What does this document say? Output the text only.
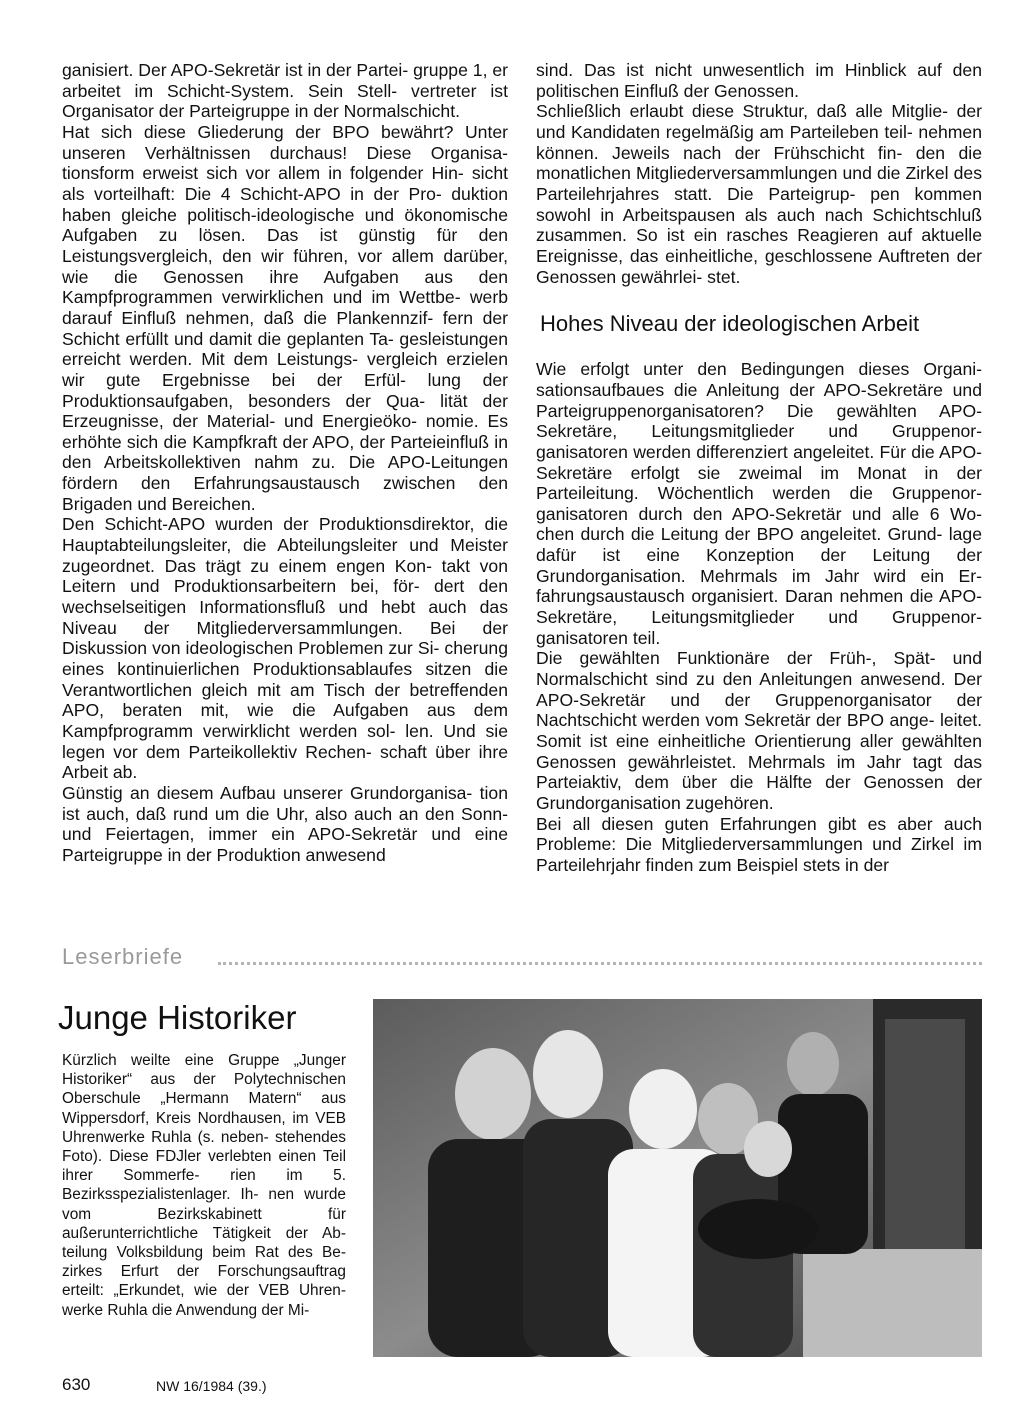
ganisiert. Der APO-Sekretär ist in der Partei- gruppe 1, er arbeitet im Schicht-System. Sein Stell- vertreter ist Organisator der Parteigruppe in der Normalschicht.

Hat sich diese Gliederung der BPO bewährt? Unter unseren Verhältnissen durchaus! Diese Organisa- tionsform erweist sich vor allem in folgender Hin- sicht als vorteilhaft: Die 4 Schicht-APO in der Pro- duktion haben gleiche politisch-ideologische und ökonomische Aufgaben zu lösen. Das ist günstig für den Leistungsvergleich, den wir führen, vor allem darüber, wie die Genossen ihre Aufgaben aus den Kampfprogrammen verwirklichen und im Wettbe- werb darauf Einfluß nehmen, daß die Plankennzif- fern der Schicht erfüllt und damit die geplanten Ta- gesleistungen erreicht werden. Mit dem Leistungs- vergleich erzielen wir gute Ergebnisse bei der Erfül- lung der Produktionsaufgaben, besonders der Qua- lität der Erzeugnisse, der Material- und Energieöko- nomie. Es erhöhte sich die Kampfkraft der APO, der Parteieinfluß in den Arbeitskollektiven nahm zu. Die APO-Leitungen fördern den Erfahrungsaustausch zwischen den Brigaden und Bereichen.

Den Schicht-APO wurden der Produktionsdirektor, die Hauptabteilungsleiter, die Abteilungsleiter und Meister zugeordnet. Das trägt zu einem engen Kon- takt von Leitern und Produktionsarbeitern bei, för- dert den wechselseitigen Informationsfluß und hebt auch das Niveau der Mitgliederversammlungen. Bei der Diskussion von ideologischen Problemen zur Si- cherung eines kontinuierlichen Produktionsablaufes sitzen die Verantwortlichen gleich mit am Tisch der betreffenden APO, beraten mit, wie die Aufgaben aus dem Kampfprogramm verwirklicht werden sol- len. Und sie legen vor dem Parteikollektiv Rechen- schaft über ihre Arbeit ab.

Günstig an diesem Aufbau unserer Grundorganisa- tion ist auch, daß rund um die Uhr, also auch an den Sonn- und Feiertagen, immer ein APO-Sekretär und eine Parteigruppe in der Produktion anwesend

sind. Das ist nicht unwesentlich im Hinblick auf den politischen Einfluß der Genossen.

Schließlich erlaubt diese Struktur, daß alle Mitglie- der und Kandidaten regelmäßig am Parteileben teil- nehmen können. Jeweils nach der Frühschicht fin- den die monatlichen Mitgliederversammlungen und die Zirkel des Parteilehrjahres statt. Die Parteigrup- pen kommen sowohl in Arbeitspausen als auch nach Schichtschluß zusammen. So ist ein rasches Reagieren auf aktuelle Ereignisse, das einheitliche, geschlossene Auftreten der Genossen gewährlei- stet.

Hohes Niveau der ideologischen Arbeit

Wie erfolgt unter den Bedingungen dieses Organi- sationsaufbaues die Anleitung der APO-Sekretäre und Parteigruppenorganisatoren? Die gewählten APO-Sekretäre, Leitungsmitglieder und Gruppenor- ganisatoren werden differenziert angeleitet. Für die APO-Sekretäre erfolgt sie zweimal im Monat in der Parteileitung. Wöchentlich werden die Gruppenor- ganisatoren durch den APO-Sekretär und alle 6 Wo- chen durch die Leitung der BPO angeleitet. Grund- lage dafür ist eine Konzeption der Leitung der Grundorganisation. Mehrmals im Jahr wird ein Er- fahrungsaustausch organisiert. Daran nehmen die APO-Sekretäre, Leitungsmitglieder und Gruppenor- ganisatoren teil.

Die gewählten Funktionäre der Früh-, Spät- und Normalschicht sind zu den Anleitungen anwesend. Der APO-Sekretär und der Gruppenorganisator der Nachtschicht werden vom Sekretär der BPO ange- leitet. Somit ist eine einheitliche Orientierung aller gewählten Genossen gewährleistet. Mehrmals im Jahr tagt das Parteiaktiv, dem über die Hälfte der Genossen der Grundorganisation zugehören.

Bei all diesen guten Erfahrungen gibt es aber auch Probleme: Die Mitgliederversammlungen und Zirkel im Parteilehrjahr finden zum Beispiel stets in der

Leserbriefe
Junge Historiker

Kürzlich weilte eine Gruppe „Junger Historiker“ aus der Polytechnischen Oberschule „Hermann Matern“ aus Wippersdorf, Kreis Nordhausen, im VEB Uhrenwerke Ruhla (s. neben- stehendes Foto). Diese FDJler verlebten einen Teil ihrer Sommerfe- rien im 5. Bezirksspezialistenlager. Ih- nen wurde vom Bezirkskabinett für außerunterrichtliche Tätigkeit der Ab- teilung Volksbildung beim Rat des Be- zirkes Erfurt der Forschungsauftrag erteilt: „Erkundet, wie der VEB Uhren- werke Ruhla die Anwendung der Mi-

630	NW 16/1984 (39.)
